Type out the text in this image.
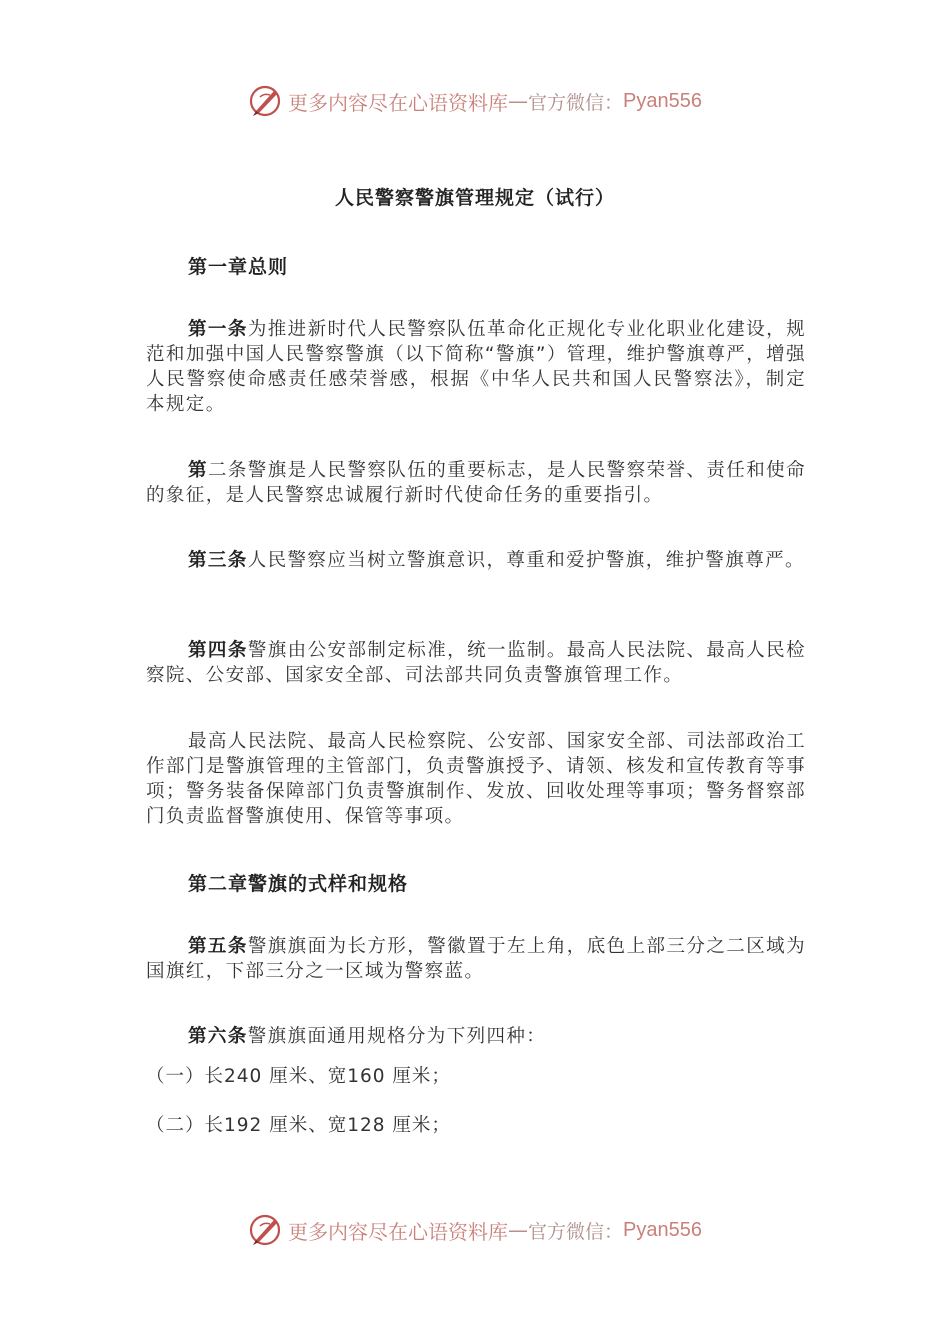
更多内容尽在心语资料库 — 官方微信： Pyan556
人民警察警旗管理规定（试行）
第一章总则

第一条为推进新时代人民警察队伍革命化正规化专业化职业化建设，规范和加强中国人民警察警旗（以下简称“警旗”）管理，维护警旗尊严，增强人民警察使命感责任感荣誉感，根据《中华人民共和国人民警察法》，制定本规定。

第二条警旗是人民警察队伍的重要标志，是人民警察荣誉、责任和使命的象征，是人民警察忠诚履行新时代使命任务的重要指引。

第三条人民警察应当树立警旗意识，尊重和爱护警旗，维护警旗尊严。

第四条警旗由公安部制定标准，统一监制。最高人民法院、最高人民检察院、公安部、国家安全部、司法部共同负责警旗管理工作。

最高人民法院、最高人民检察院、公安部、国家安全部、司法部政治工作部门是警旗管理的主管部门，负责警旗授予、请领、核发和宣传教育等事项；警务装备保障部门负责警旗制作、发放、回收处理等事项；警务督察部门负责监督警旗使用、保管等事项。

第二章警旗的式样和规格

第五条警旗旗面为长方形，警徽置于左上角，底色上部三分之二区域为国旗红，下部三分之一区域为警察蓝。

第六条警旗旗面通用规格分为下列四种：

（一）长240 厘米、宽160 厘米；
（二）长192 厘米、宽128 厘米；
更多内容尽在心语资料库 — 官方微信： Pyan556
